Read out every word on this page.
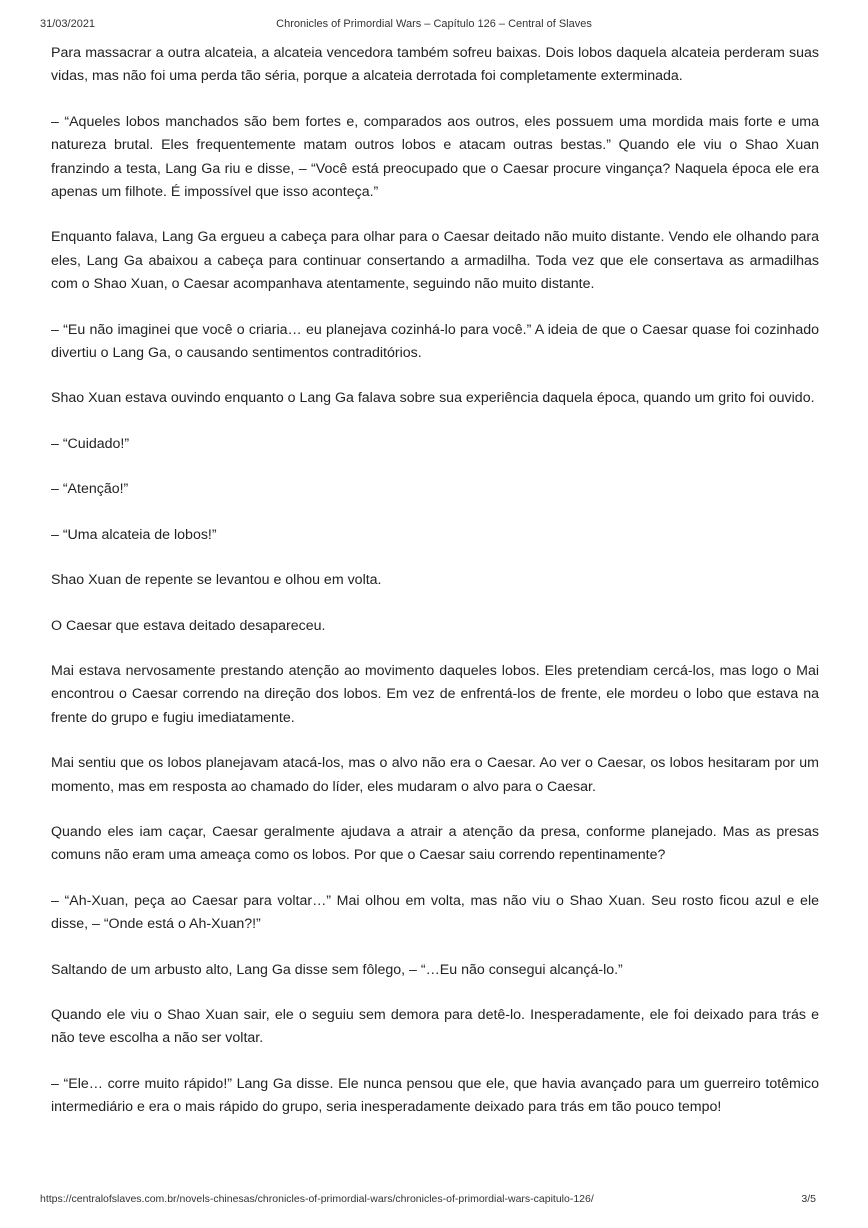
31/03/2021	Chronicles of Primordial Wars – Capítulo 126 – Central of Slaves

Para massacrar a outra alcateia, a alcateia vencedora também sofreu baixas. Dois lobos daquela alcateia perderam suas vidas, mas não foi uma perda tão séria, porque a alcateia derrotada foi completamente exterminada.

– “Aqueles lobos manchados são bem fortes e, comparados aos outros, eles possuem uma mordida mais forte e uma natureza brutal. Eles frequentemente matam outros lobos e atacam outras bestas.” Quando ele viu o Shao Xuan franzindo a testa, Lang Ga riu e disse, – “Você está preocupado que o Caesar procure vingança? Naquela época ele era apenas um filhote. É impossível que isso aconteça.”

Enquanto falava, Lang Ga ergueu a cabeça para olhar para o Caesar deitado não muito distante. Vendo ele olhando para eles, Lang Ga abaixou a cabeça para continuar consertando a armadilha. Toda vez que ele consertava as armadilhas com o Shao Xuan, o Caesar acompanhava atentamente, seguindo não muito distante.

– “Eu não imaginei que você o criaria… eu planejava cozinhá-lo para você.” A ideia de que o Caesar quase foi cozinhado divertiu o Lang Ga, o causando sentimentos contraditórios.

Shao Xuan estava ouvindo enquanto o Lang Ga falava sobre sua experiência daquela época, quando um grito foi ouvido.

– “Cuidado!”

– “Atenção!”

– “Uma alcateia de lobos!”

Shao Xuan de repente se levantou e olhou em volta.

O Caesar que estava deitado desapareceu.

Mai estava nervosamente prestando atenção ao movimento daqueles lobos. Eles pretendiam cercá-los, mas logo o Mai encontrou o Caesar correndo na direção dos lobos. Em vez de enfrentá-los de frente, ele mordeu o lobo que estava na frente do grupo e fugiu imediatamente.

Mai sentiu que os lobos planejavam atacá-los, mas o alvo não era o Caesar. Ao ver o Caesar, os lobos hesitaram por um momento, mas em resposta ao chamado do líder, eles mudaram o alvo para o Caesar.

Quando eles iam caçar, Caesar geralmente ajudava a atrair a atenção da presa, conforme planejado. Mas as presas comuns não eram uma ameaça como os lobos. Por que o Caesar saiu correndo repentinamente?

– “Ah-Xuan, peça ao Caesar para voltar…” Mai olhou em volta, mas não viu o Shao Xuan. Seu rosto ficou azul e ele disse, – “Onde está o Ah-Xuan?!”

Saltando de um arbusto alto, Lang Ga disse sem fôlego, – “…Eu não consegui alcançá-lo.”

Quando ele viu o Shao Xuan sair, ele o seguiu sem demora para detê-lo. Inesperadamente, ele foi deixado para trás e não teve escolha a não ser voltar.

– “Ele… corre muito rápido!” Lang Ga disse. Ele nunca pensou que ele, que havia avançado para um guerreiro totêmico intermediário e era o mais rápido do grupo, seria inesperadamente deixado para trás em tão pouco tempo!

https://centralofslaves.com.br/novels-chinesas/chronicles-of-primordial-wars/chronicles-of-primordial-wars-capitulo-126/	3/5
